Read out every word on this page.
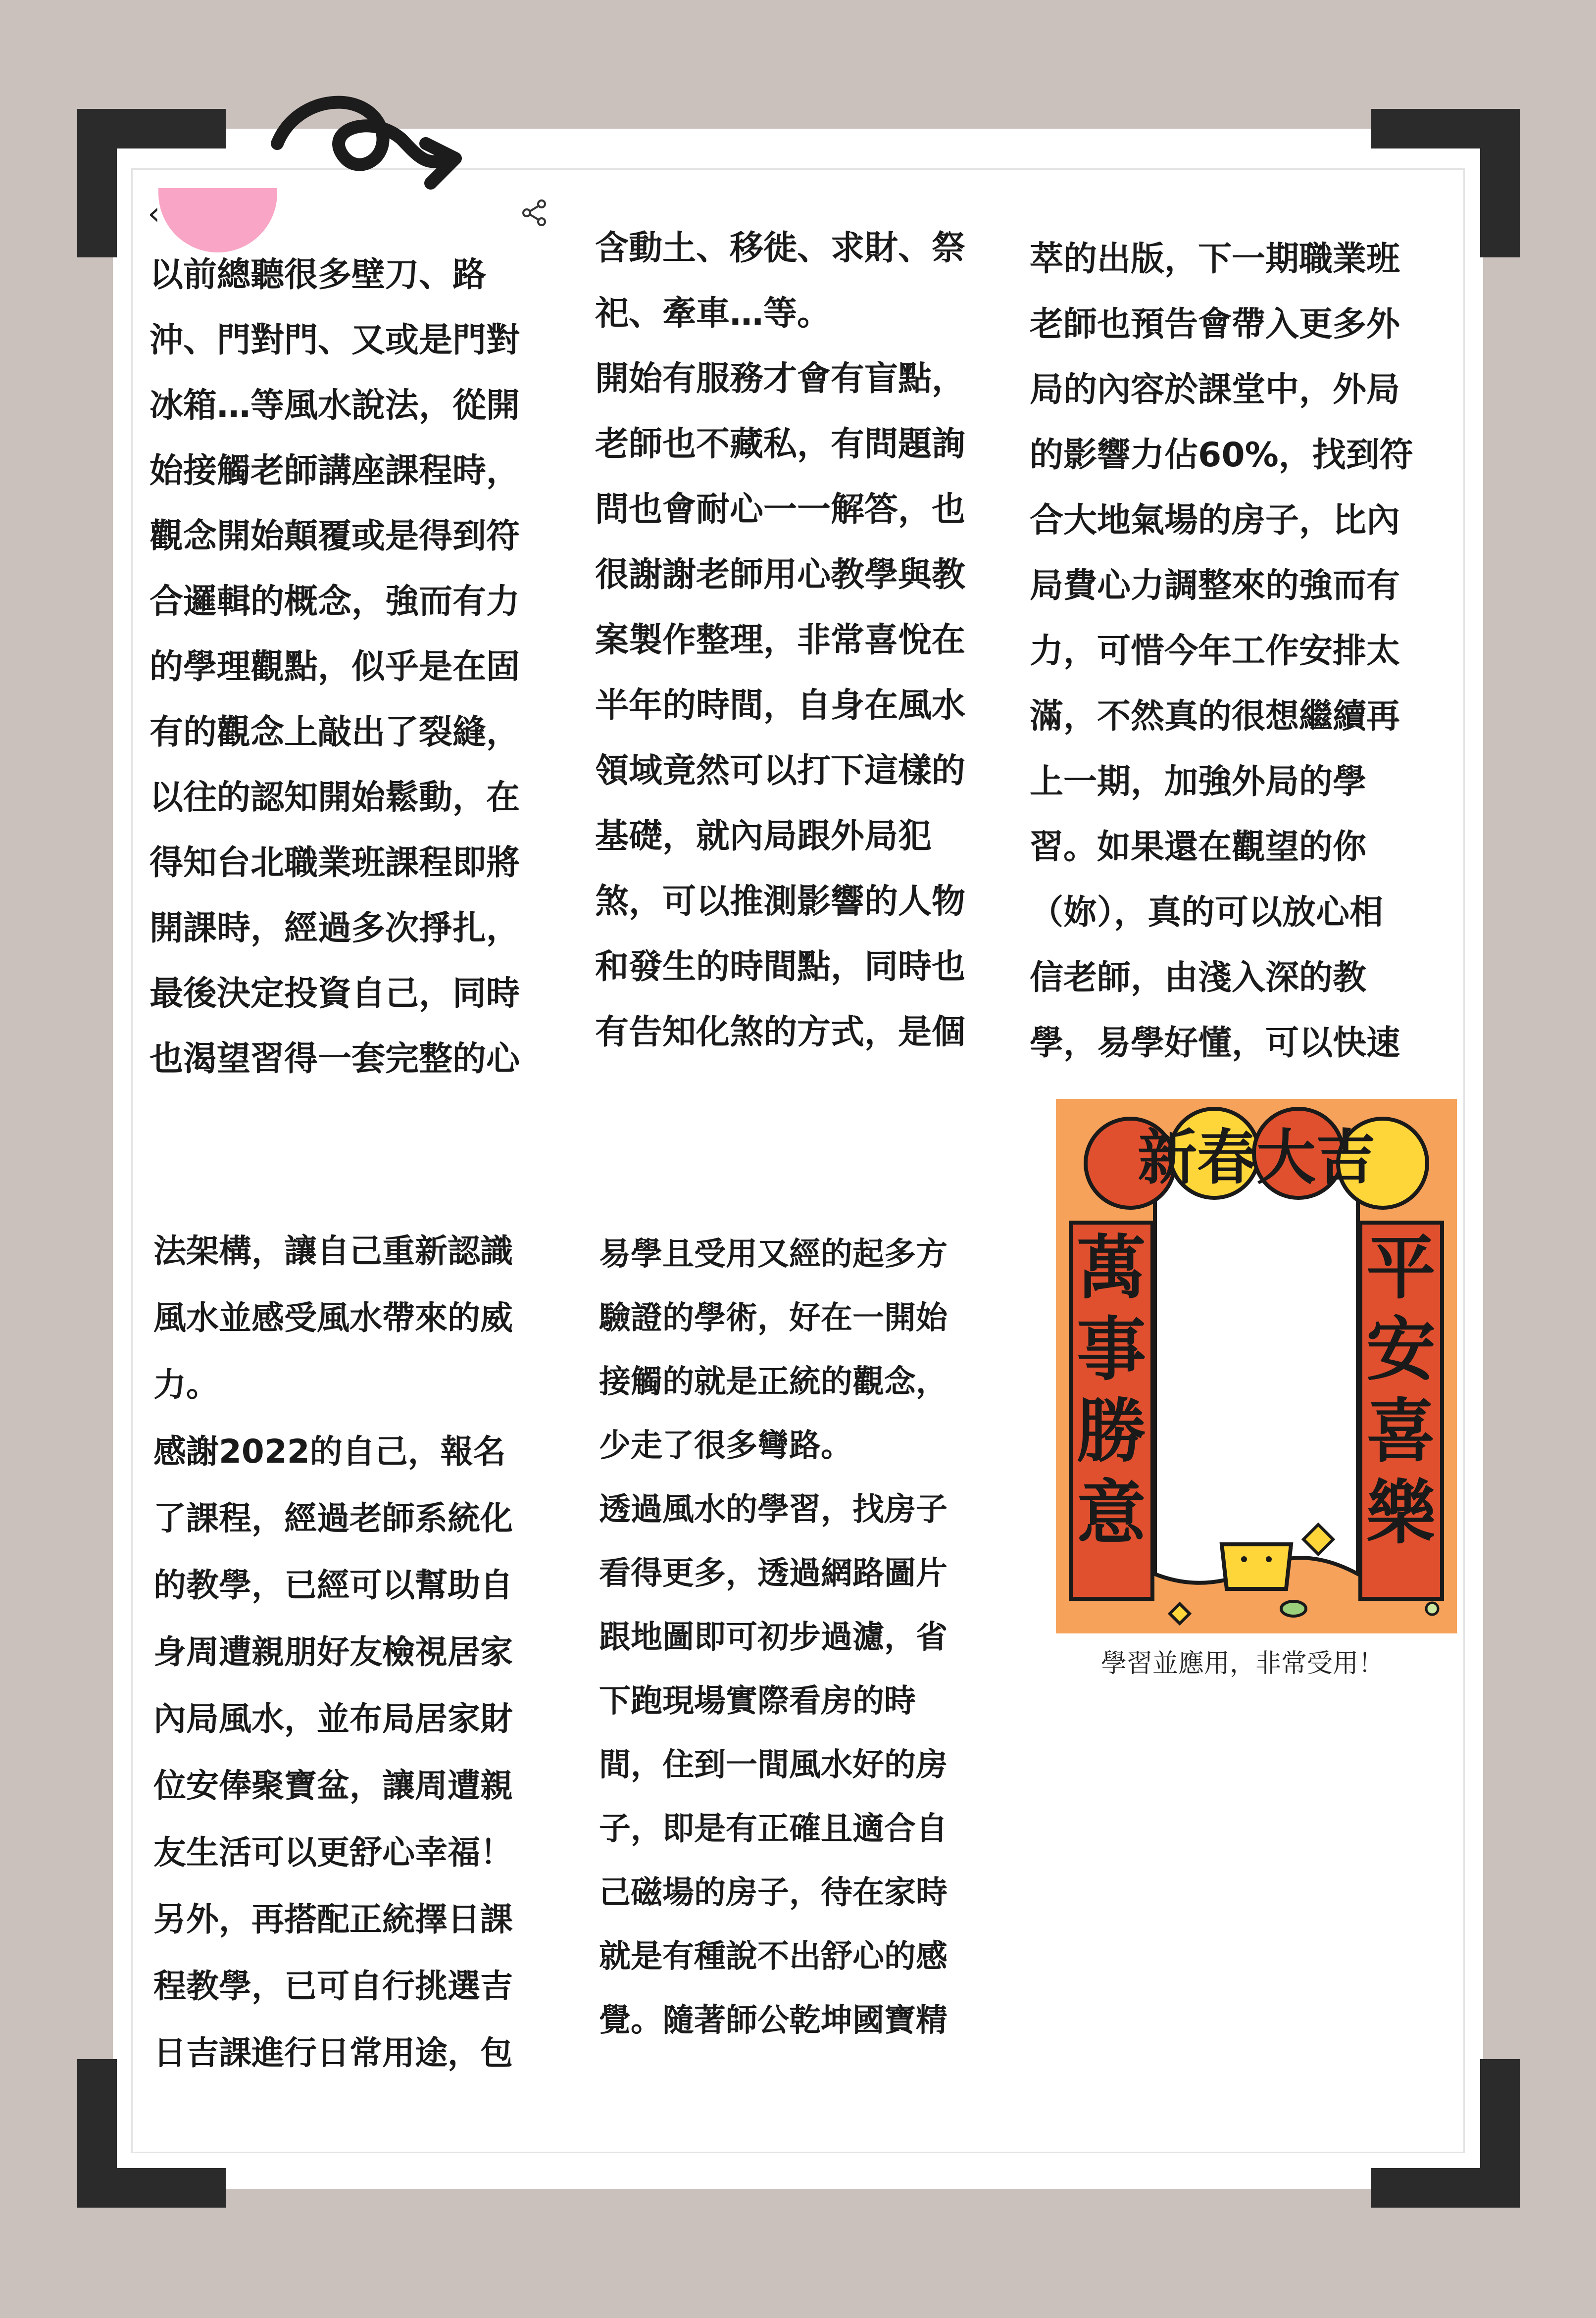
‹
以前總聽很多壁刀、路
沖、門對門、又或是門對
冰箱…等風水說法，從開
始接觸老師講座課程時，
觀念開始顛覆或是得到符
合邏輯的概念，強而有力
的學理觀點，似乎是在固
有的觀念上敲出了裂縫，
以往的認知開始鬆動，在
得知台北職業班課程即將
開課時，經過多次掙扎，
最後決定投資自己，同時
也渴望習得一套完整的心
含動土、移徙、求財、祭
祀、牽車…等。
開始有服務才會有盲點，
老師也不藏私，有問題詢
問也會耐心一一解答，也
很謝謝老師用心教學與教
案製作整理，非常喜悅在
半年的時間，自身在風水
領域竟然可以打下這樣的
基礎，就內局跟外局犯
煞，可以推測影響的人物
和發生的時間點，同時也
有告知化煞的方式，是個
萃的出版，下一期職業班
老師也預告會帶入更多外
局的內容於課堂中，外局
的影響力佔60%，找到符
合大地氣場的房子，比內
局費心力調整來的強而有
力，可惜今年工作安排太
滿，不然真的很想繼續再
上一期，加強外局的學
習。如果還在觀望的你
（妳），真的可以放心相
信老師，由淺入深的教
學，易學好懂，可以快速
法架構，讓自己重新認識
風水並感受風水帶來的威
力。
感謝2022的自己，報名
了課程，經過老師系統化
的教學，已經可以幫助自
身周遭親朋好友檢視居家
內局風水，並布局居家財
位安俸聚寶盆，讓周遭親
友生活可以更舒心幸福！
另外，再搭配正統擇日課
程教學，已可自行挑選吉
日吉課進行日常用途，包
易學且受用又經的起多方
驗證的學術，好在一開始
接觸的就是正統的觀念，
少走了很多彎路。
透過風水的學習，找房子
看得更多，透過網路圖片
跟地圖即可初步過濾，省
下跑現場實際看房的時
間，住到一間風水好的房
子，即是有正確且適合自
己磁場的房子，待在家時
就是有種說不出舒心的感
覺。隨著師公乾坤國寶精
新春大吉
萬事勝意
平安喜樂
學習並應用，非常受用！
